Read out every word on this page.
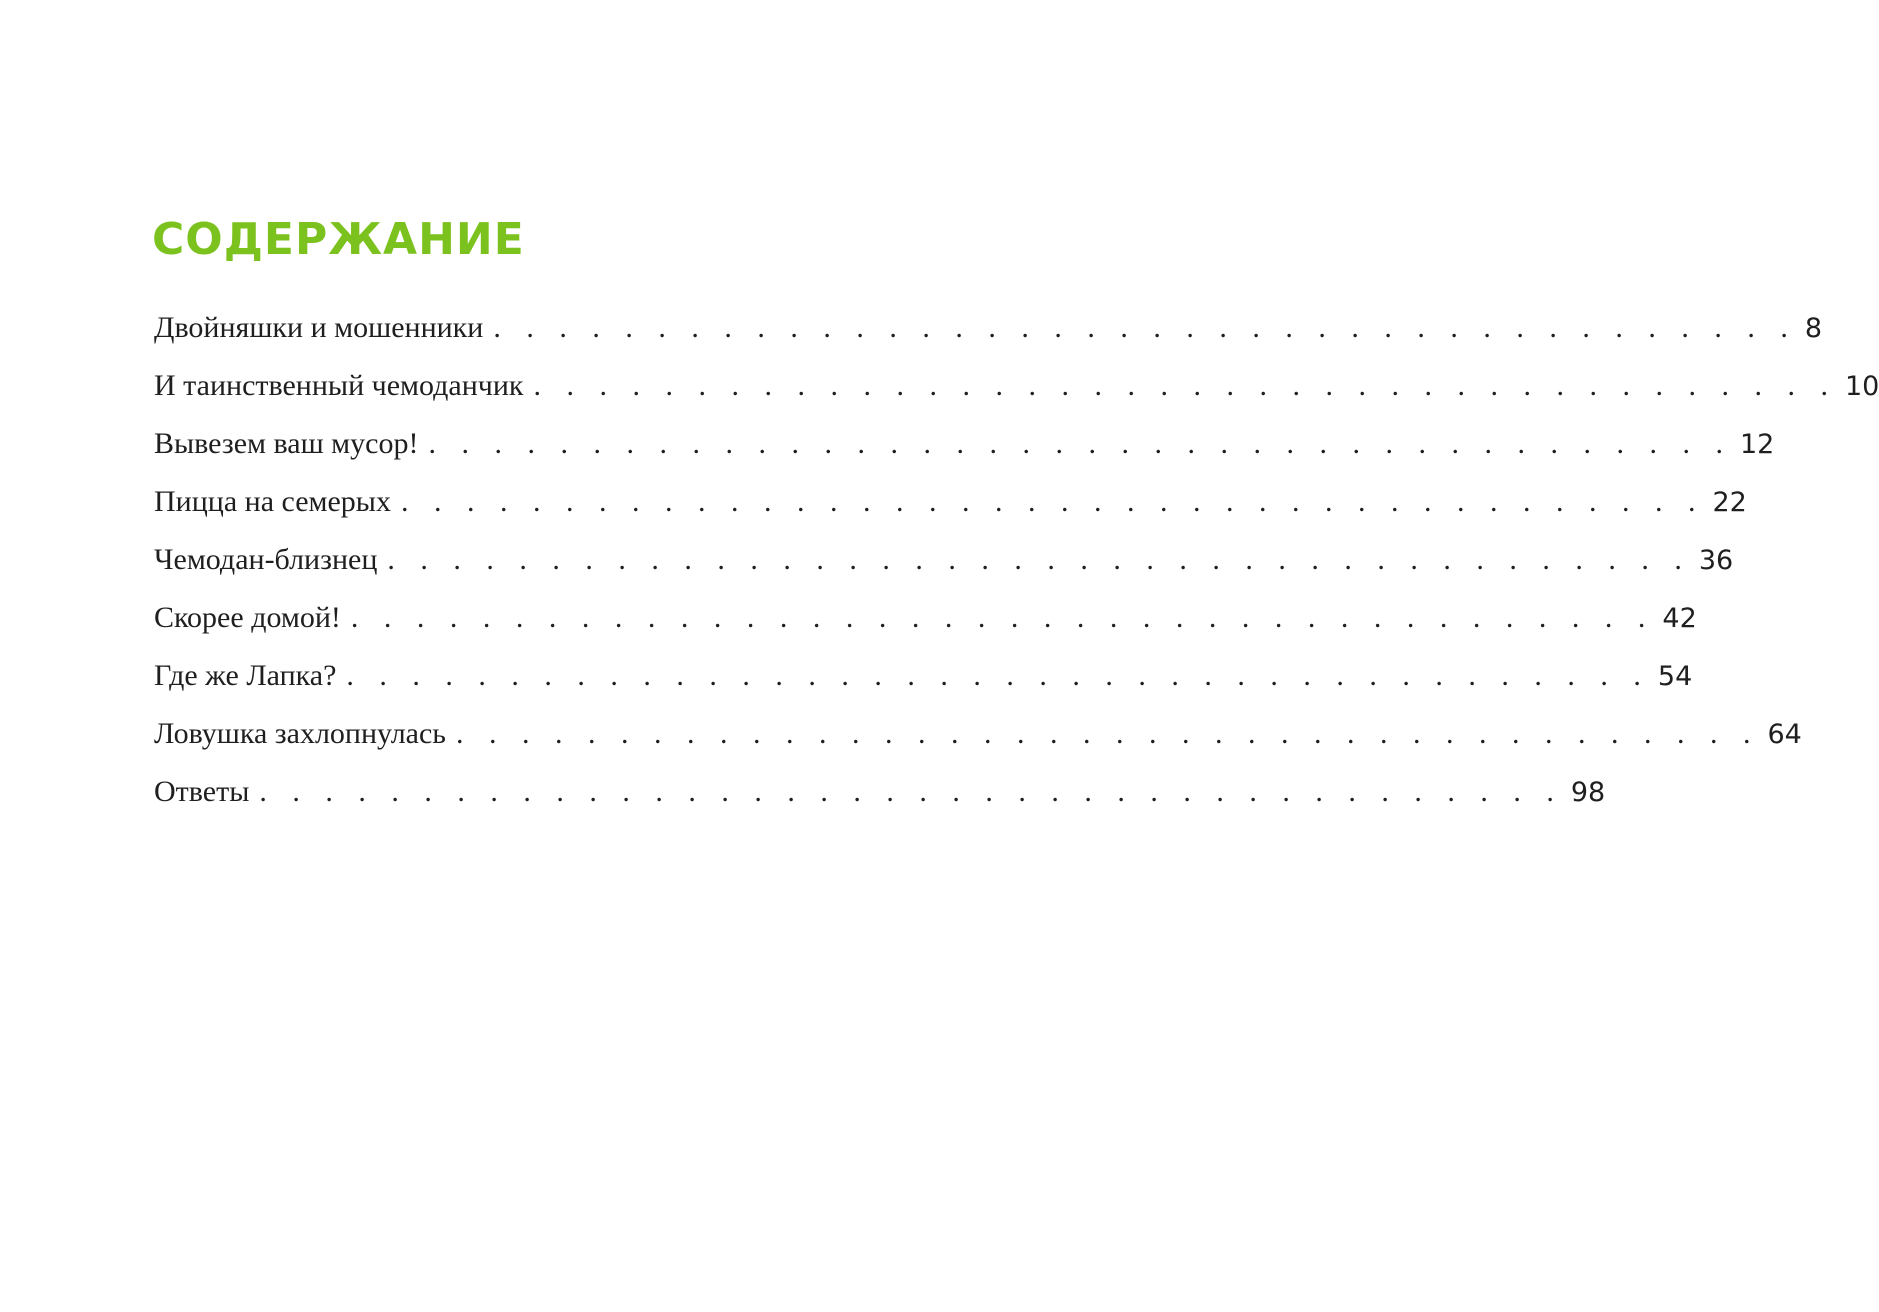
СОДЕРЖАНИЕ
Двойняшки и мошенники . . . . . . . . . . . . . . . . . . . . . . . . . . . . . . . . . . . . . . . . 8
И таинственный чемоданчик . . . . . . . . . . . . . . . . . . . . . . . . . . . . . . . . . . . . . . . . 10
Вывезем ваш мусор! . . . . . . . . . . . . . . . . . . . . . . . . . . . . . . . . . . . . . . . . 12
Пицца на семерых . . . . . . . . . . . . . . . . . . . . . . . . . . . . . . . . . . . . . . . . 22
Чемодан-близнец . . . . . . . . . . . . . . . . . . . . . . . . . . . . . . . . . . . . . . . . 36
Скорее домой! . . . . . . . . . . . . . . . . . . . . . . . . . . . . . . . . . . . . . . . . 42
Где же Лапка? . . . . . . . . . . . . . . . . . . . . . . . . . . . . . . . . . . . . . . . . 54
Ловушка захлопнулась . . . . . . . . . . . . . . . . . . . . . . . . . . . . . . . . . . . . . . . . 64
Ответы . . . . . . . . . . . . . . . . . . . . . . . . . . . . . . . . . . . . . . . . 98
